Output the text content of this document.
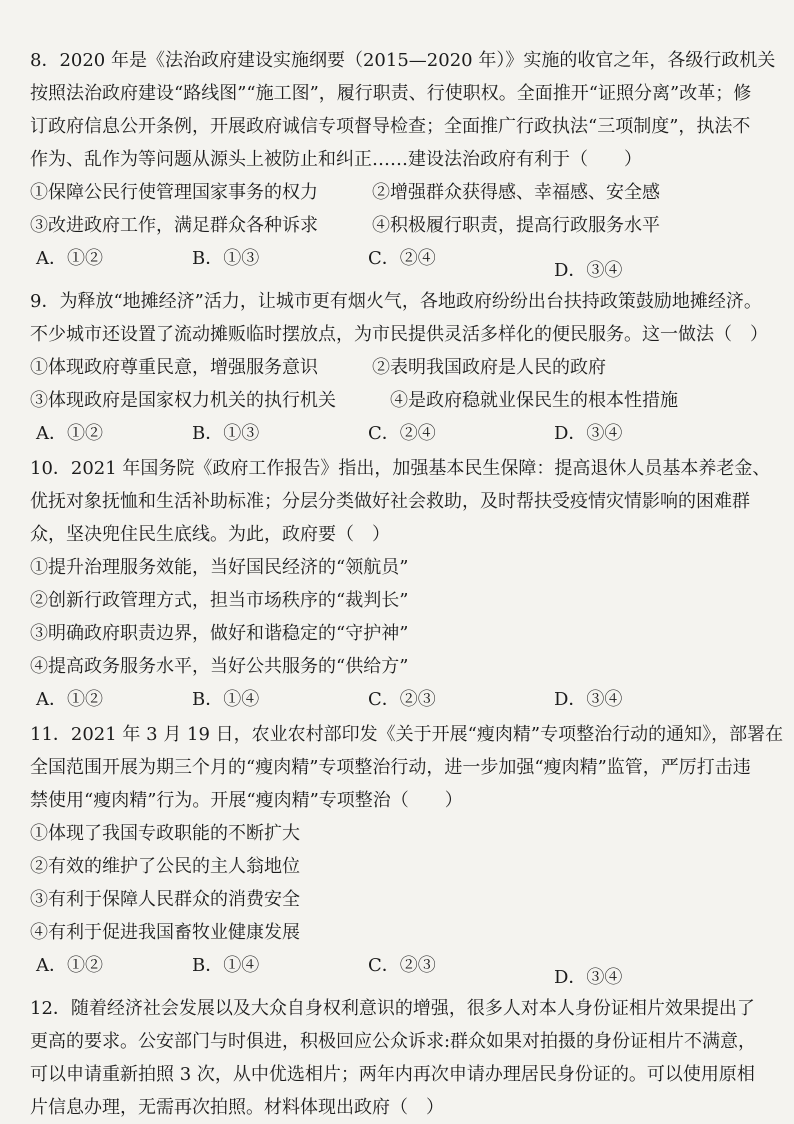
8．2020 年是《法治政府建设实施纲要（2015—2020 年）》实施的收官之年，各级行政机关

按照法治政府建设“路线图”“施工图”，履行职责、行使职权。全面推开“证照分离”改革；修

订政府信息公开条例，开展政府诚信专项督导检查；全面推广行政执法“三项制度”，执法不

作为、乱作为等问题从源头上被防止和纠正……建设法治政府有利于（　　）

①保障公民行使管理国家事务的权力　　　②增强群众获得感、幸福感、安全感

③改进政府工作，满足群众各种诉求　　　④积极履行职责，提高行政服务水平

A．①②	B．①③	C．②④
D．③④

9．为释放“地摊经济”活力，让城市更有烟火气，各地政府纷纷出台扶持政策鼓励地摊经济。

不少城市还设置了流动摊贩临时摆放点，为市民提供灵活多样化的便民服务。这一做法（　）

①体现政府尊重民意，增强服务意识　　　②表明我国政府是人民的政府

③体现政府是国家权力机关的执行机关　　　④是政府稳就业保民生的根本性措施

A．①②	B．①③	C．②④	D．③④

10．2021 年国务院《政府工作报告》指出，加强基本民生保障：提高退休人员基本养老金、

优抚对象抚恤和生活补助标准；分层分类做好社会救助，及时帮扶受疫情灾情影响的困难群

众，坚决兜住民生底线。为此，政府要（　）

①提升治理服务效能，当好国民经济的“领航员”

②创新行政管理方式，担当市场秩序的“裁判长”

③明确政府职责边界，做好和谐稳定的“守护神”

④提高政务服务水平，当好公共服务的“供给方”

A．①②	B．①④	C．②③	D．③④

11．2021 年 3 月 19 日，农业农村部印发《关于开展“瘦肉精”专项整治行动的通知》，部署在

全国范围开展为期三个月的“瘦肉精”专项整治行动，进一步加强“瘦肉精”监管，严厉打击违

禁使用“瘦肉精”行为。开展“瘦肉精”专项整治（　　）

①体现了我国专政职能的不断扩大

②有效的维护了公民的主人翁地位

③有利于保障人民群众的消费安全

④有利于促进我国畜牧业健康发展

A．①②	B．①④	C．②③
D．③④

12．随着经济社会发展以及大众自身权利意识的增强，很多人对本人身份证相片效果提出了

更高的要求。公安部门与时俱进，积极回应公众诉求:群众如果对拍摄的身份证相片不满意，

可以申请重新拍照 3 次，从中优选相片；两年内再次申请办理居民身份证的。可以使用原相

片信息办理，无需再次拍照。材料体现出政府（　）
